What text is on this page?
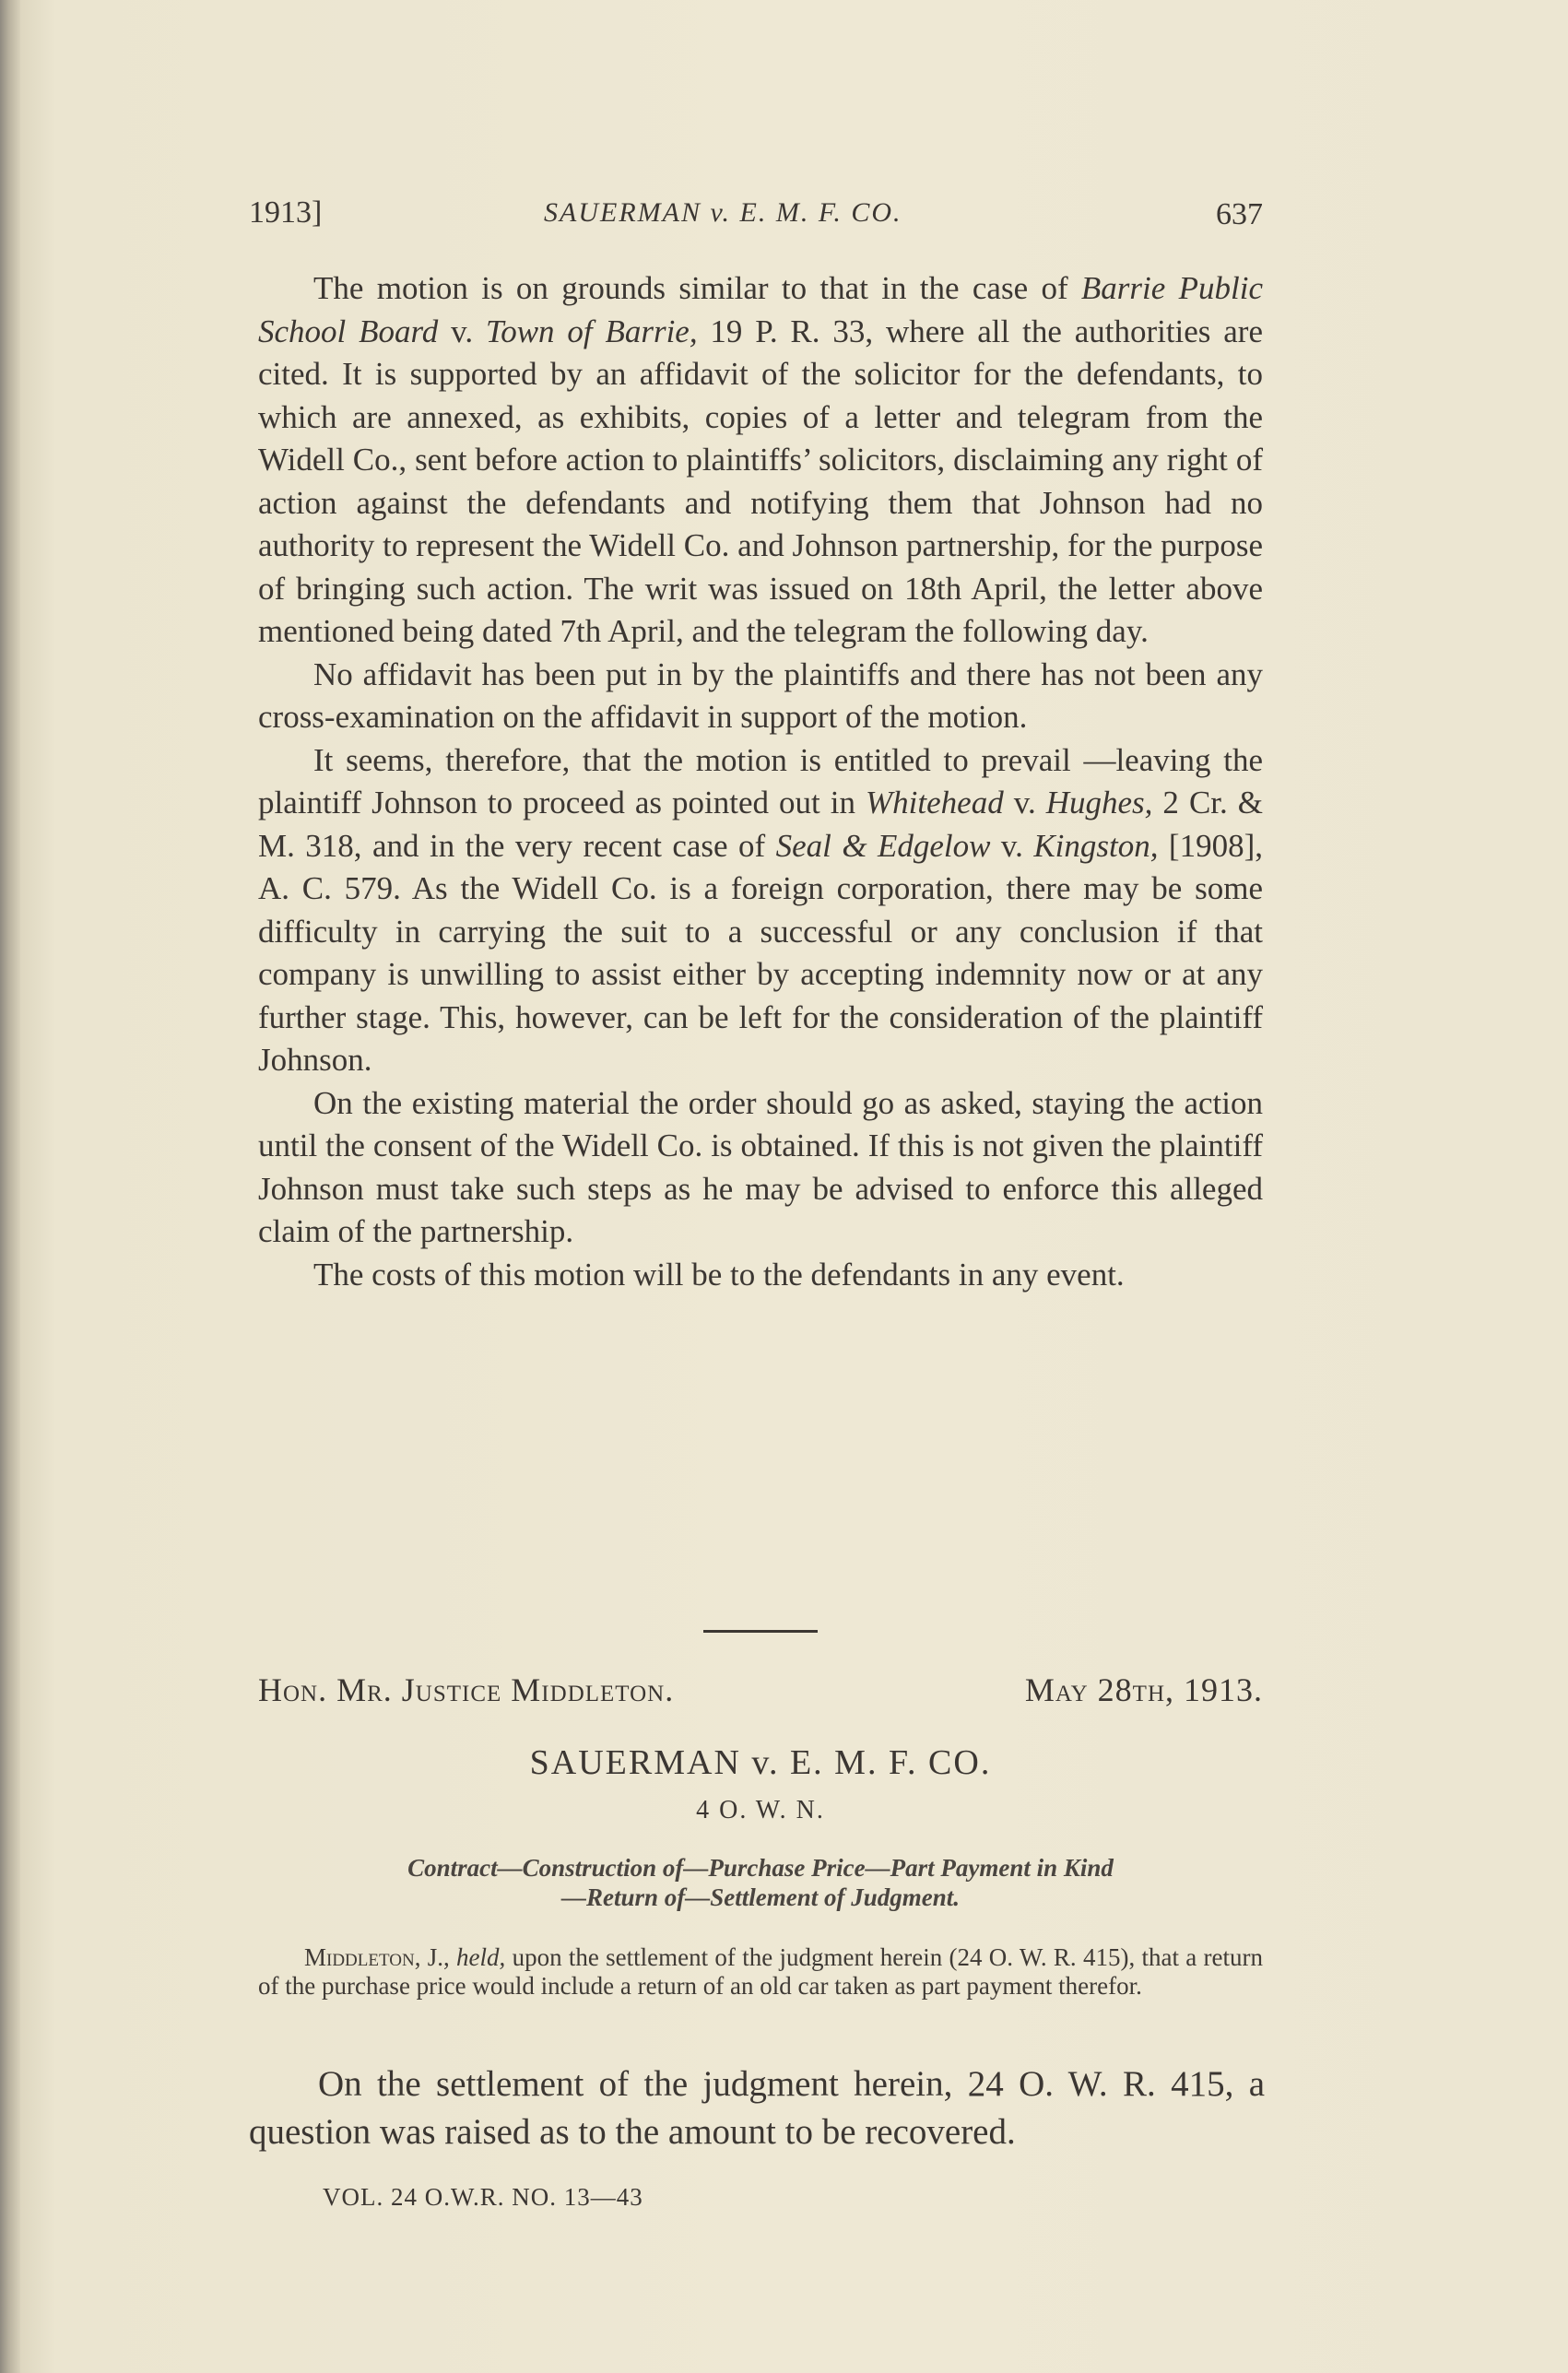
1913]	SAUERMAN v. E. M. F. CO.	637

The motion is on grounds similar to that in the case of Barrie Public School Board v. Town of Barrie, 19 P. R. 33, where all the authorities are cited. It is supported by an affidavit of the solicitor for the defendants, to which are annexed, as exhibits, copies of a letter and telegram from the Widell Co., sent before action to plaintiffs’ solicitors, disclaiming any right of action against the defendants and notifying them that Johnson had no authority to represent the Widell Co. and Johnson partnership, for the purpose of bringing such action. The writ was issued on 18th April, the letter above mentioned being dated 7th April, and the telegram the following day.

No affidavit has been put in by the plaintiffs and there has not been any cross-examination on the affidavit in support of the motion.

It seems, therefore, that the motion is entitled to prevail —leaving the plaintiff Johnson to proceed as pointed out in Whitehead v. Hughes, 2 Cr. & M. 318, and in the very recent case of Seal & Edgelow v. Kingston, [1908], A. C. 579. As the Widell Co. is a foreign corporation, there may be some difficulty in carrying the suit to a successful or any conclusion if that company is unwilling to assist either by accepting indemnity now or at any further stage. This, however, can be left for the consideration of the plaintiff Johnson.

On the existing material the order should go as asked, staying the action until the consent of the Widell Co. is obtained. If this is not given the plaintiff Johnson must take such steps as he may be advised to enforce this alleged claim of the partnership.

The costs of this motion will be to the defendants in any event.

Hon. Mr. Justice Middleton.	May 28th, 1913.
SAUERMAN v. E. M. F. CO.
4 O. W. N.
Contract—Construction of—Purchase Price—Part Payment in Kind
—Return of—Settlement of Judgment.

Middleton, J., held, upon the settlement of the judgment herein (24 O. W. R. 415), that a return of the purchase price would include a return of an old car taken as part payment therefor.

On the settlement of the judgment herein, 24 O. W. R. 415, a question was raised as to the amount to be recovered.

VOL. 24 O.W.R. NO. 13—43
